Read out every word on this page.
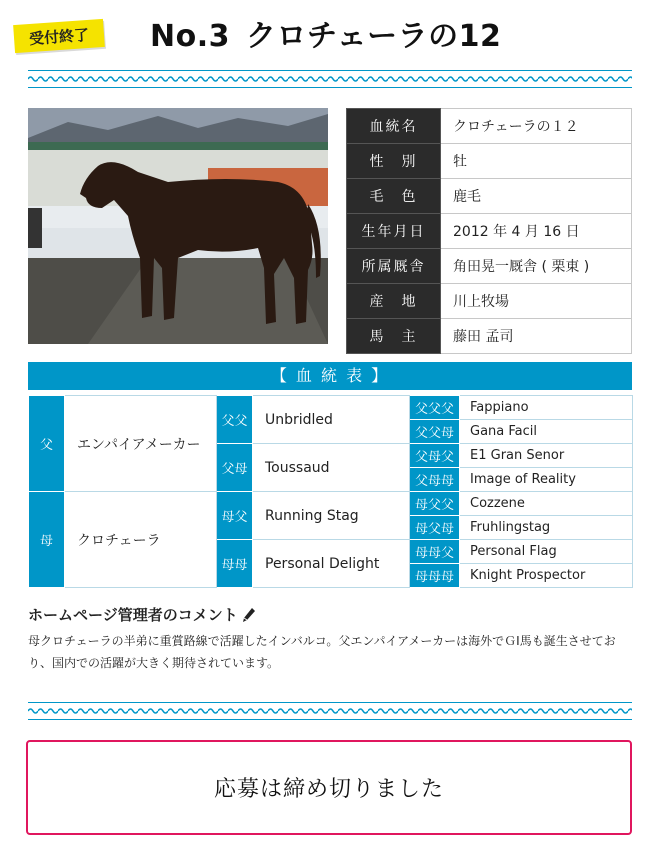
受付終了	No.3 クロチェーラの12
血統名	クロチェーラの１２
性　別	牡
毛　色	鹿毛
生年月日	2012 年 4 月 16 日
所属厩舎	角田晃一厩舎 ( 栗東 )
産　地	川上牧場
馬　主	藤田 孟司
【 血 統 表 】
父	エンパイアメーカー	父父	Unbridled	父父父	Fappiano
				父父母	Gana Facil
		父母	Toussaud	父母父	E1 Gran Senor
				父母母	Image of Reality
母	クロチェーラ	母父	Running Stag	母父父	Cozzene
				母父母	Fruhlingstag
		母母	Personal Delight	母母父	Personal Flag
				母母母	Knight Prospector
ホームページ管理者のコメント
母クロチェーラの半弟に重賞路線で活躍したインバルコ。父エンパイアメーカーは海外でＧⅠ馬も誕生させており、国内での活躍が大きく期待されています。
応募は締め切りました
